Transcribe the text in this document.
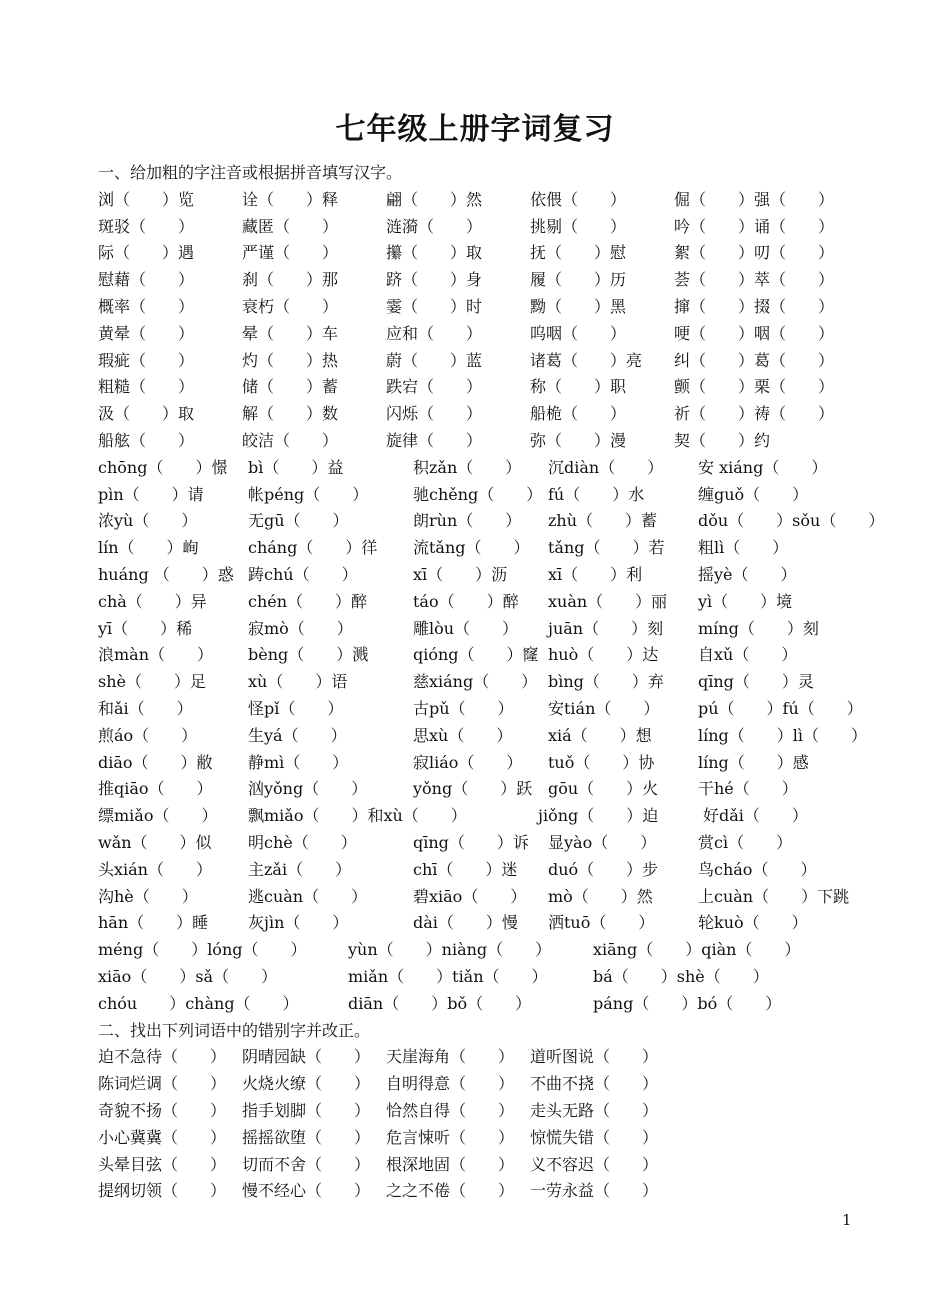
七年级上册字词复习
一、给加粗的字注音或根据拼音填写汉字。
浏（　　）览	诠（　　）释	翩（　　）然	依偎（　　）	倔（　　）强（　　）
斑驳（　　）	藏匿（　　）	涟漪（　　）	挑剔（　　）	吟（　　）诵（　　）
际（　　）遇	严谨（　　）	攥（　　）取	抚（　　）慰	絮（　　）叨（　　）
慰藉（　　）	刹（　　）那	跻（　　）身	履（　　）历	荟（　　）萃（　　）
概率（　　）	衰朽（　　）	霎（　　）时	黝（　　）黑	撺（　　）掇（　　）
黄晕（　　）	晕（　　）车	应和（　　）	呜咽（　　）	哽（　　）咽（　　）
瑕疵（　　）	灼（　　）热	蔚（　　）蓝	诸葛（　　）亮 纠（　　）葛（　　）
粗糙（　　）	储（　　）蓄	跌宕（　　）	称（　　）职	颤（　　）栗（　　）
汲（　　）取	解（　　）数	闪烁（　　）	船桅（　　）	祈（　　）祷（　　）
船舷（　　）	皎洁（　　）	旋律（　　）	弥（　　）漫	契（　　）约
chōng（　　）憬 bì（　　）益	积zǎn（　　） 沉diàn（　　） 安 xiáng（　　）
pìn（　　）请	帐péng（　　）	驰chěng（　　） fú（　　）水	缠guǒ（　　）
浓yù（　　）	无gū（　　）	朗rùn（　　） zhù（　　）蓄	dǒu（　　）sǒu（　　）
lín（　　）峋	cháng（　　）徉 流tǎng（　　） tǎng（　　）若 粗lì（　　）
huáng （　　）惑 踌chú（　　）	xī（　　）沥	xī（　　）利	摇yè（　　）
chà（　　）异	chén（　　）醉	táo（　　）醉 xuàn（　　）丽 yì（　　）境
yī（　　）稀	寂mò（　　）	雕lòu（　　） juān（　　）刻 míng（　　）刻
浪màn（　　） bèng（　　）溅	qióng（　　）窿 huò（　　）达 自xǔ（　　）
shè（　　）足	xù（　　）语	慈xiáng（　　） bìng（　　）弃 qīng（　　）灵
和ǎi（　　）	怪pǐ（　　）	古pǔ（　　） 安tián（　　） pú（　　）fú（　　）
煎áo（　　）	生yá（　　）	思xù（　　） xiá（　　）想	líng（　　）lì（　　）
diāo（　　）敝 静mì（　　）	寂liáo（　　） tuǒ（　　）协	líng（　　）感
推qiāo（　　） 汹yǒng（　　）	yǒng（　　）跃 gōu（　　）火 干hé（　　）
缥miǎo（　　） 飘miǎo（　　）和xù（　　）	jiǒng（　　）迫	好dǎi（　　）
wǎn（　　）似 明chè（　　）	qīng（　　）诉 显yào（　　）	赏cì（　　）
头xián（　　） 主zǎi（　　）	chī（　　）迷 duó（　　）步 鸟cháo（　　）
沟hè（　　）	逃cuàn（　　）	碧xiāo（　　） mò（　　）然	上cuàn（　　）下跳
hān（　　）睡 灰jìn（　　）	dài（　　）慢 洒tuō（　　）	轮kuò（　　）
méng（　　）lóng（　　）	yùn（　　）niàng（　　）	xiāng（　　）qiàn（　　）
xiāo（　　）sǎ（　　）	miǎn（　　）tiǎn（　　）	bá（　　）shè（　　）
chóu　　）chàng（　　）	diān（　　）bǒ（　　）	páng（　　）bó（　　）
二、找出下列词语中的错别字并改正。
迫不急待（　　） 阴晴园缺（　　） 天崖海角（　　） 道听图说（　　）
陈词烂调（　　） 火烧火缭（　　） 自明得意（　　） 不曲不挠（　　）
奇貌不扬（　　） 指手划脚（　　） 恰然自得（　　） 走头无路（　　）
小心冀冀（　　） 摇摇欲堕（　　） 危言悚听（　　） 惊慌失错（　　）
头晕目弦（　　） 切而不舍（　　） 根深地固（　　） 义不容迟（　　）
提纲切领（　　） 慢不经心（　　） 之之不倦（　　） 一劳永益（　　）
1
